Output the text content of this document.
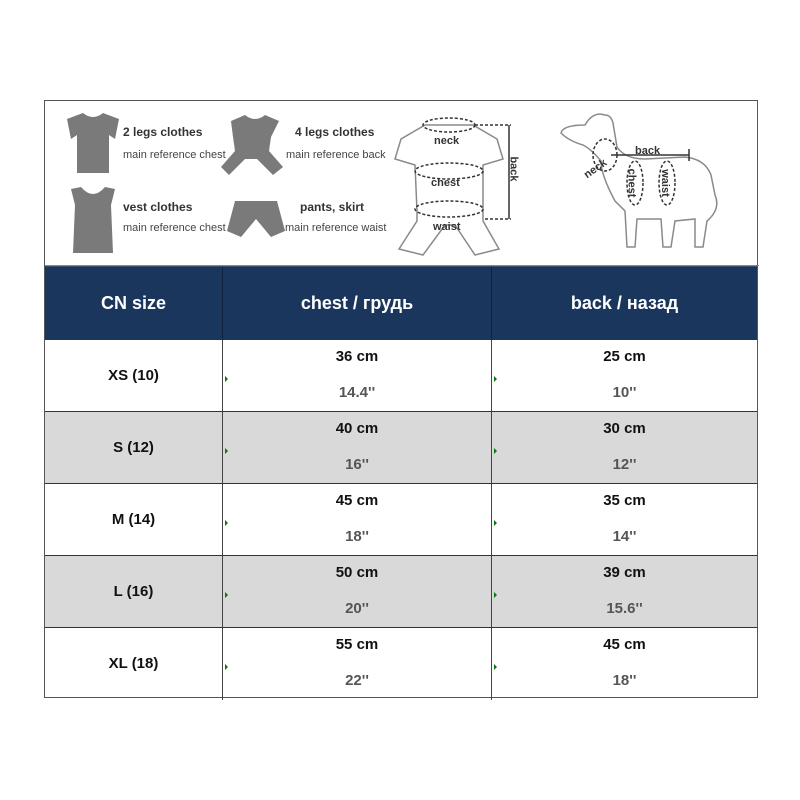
2 legs clothes
main reference chest
4 legs clothes
main reference back
vest clothes
main reference chest
pants, skirt
main reference waist
neck
chest
waist
back
back
neck chest waist
CN size	chest / грудь	back / назад
XS (10)
36 cm
14.4''
25 cm
10''
S (12)
40 cm
16''
30 cm
12''
M (14)
45 cm
18''
35 cm
14''
L (16)
50 cm
20''
39 cm
15.6''
XL (18)
55 cm
22''
45 cm
18''
